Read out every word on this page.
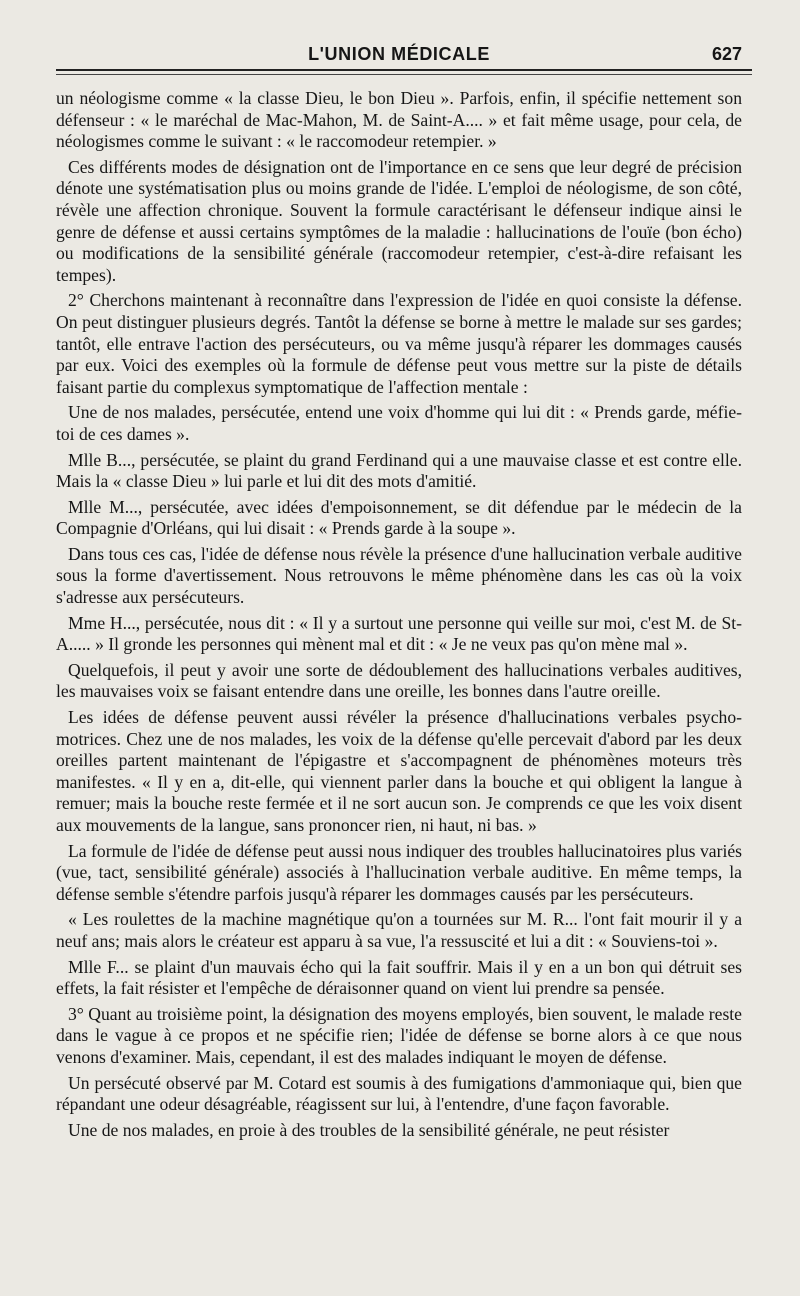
L'UNION MÉDICALE	627

un néologisme comme « la classe Dieu, le bon Dieu ». Parfois, enfin, il spécifie nettement son défenseur : « le maréchal de Mac-Mahon, M. de Saint-A.... » et fait même usage, pour cela, de néologismes comme le suivant : « le raccomodeur retempier. »

Ces différents modes de désignation ont de l'importance en ce sens que leur degré de précision dénote une systématisation plus ou moins grande de l'idée. L'emploi de néologisme, de son côté, révèle une affection chronique. Souvent la formule caractérisant le défenseur indique ainsi le genre de défense et aussi certains symptômes de la maladie : hallucinations de l'ouïe (bon écho) ou modifications de la sensibilité générale (raccomodeur retempier, c'est-à-dire refaisant les tempes).

2° Cherchons maintenant à reconnaître dans l'expression de l'idée en quoi consiste la défense. On peut distinguer plusieurs degrés. Tantôt la défense se borne à mettre le malade sur ses gardes; tantôt, elle entrave l'action des persécuteurs, ou va même jusqu'à réparer les dommages causés par eux. Voici des exemples où la formule de défense peut vous mettre sur la piste de détails faisant partie du complexus symptomatique de l'affection mentale :

Une de nos malades, persécutée, entend une voix d'homme qui lui dit : « Prends garde, méfie-toi de ces dames ».

Mlle B..., persécutée, se plaint du grand Ferdinand qui a une mauvaise classe et est contre elle. Mais la « classe Dieu » lui parle et lui dit des mots d'amitié.

Mlle M..., persécutée, avec idées d'empoisonnement, se dit défendue par le médecin de la Compagnie d'Orléans, qui lui disait : « Prends garde à la soupe ».

Dans tous ces cas, l'idée de défense nous révèle la présence d'une hallucination verbale auditive sous la forme d'avertissement. Nous retrouvons le même phénomène dans les cas où la voix s'adresse aux persécuteurs.

Mme H..., persécutée, nous dit : « Il y a surtout une personne qui veille sur moi, c'est M. de St-A..... » Il gronde les personnes qui mènent mal et dit : « Je ne veux pas qu'on mène mal ».

Quelquefois, il peut y avoir une sorte de dédoublement des hallucinations verbales auditives, les mauvaises voix se faisant entendre dans une oreille, les bonnes dans l'autre oreille.

Les idées de défense peuvent aussi révéler la présence d'hallucinations verbales psycho-motrices. Chez une de nos malades, les voix de la défense qu'elle percevait d'abord par les deux oreilles partent maintenant de l'épigastre et s'accompagnent de phénomènes moteurs très manifestes. « Il y en a, dit-elle, qui viennent parler dans la bouche et qui obligent la langue à remuer; mais la bouche reste fermée et il ne sort aucun son. Je comprends ce que les voix disent aux mouvements de la langue, sans prononcer rien, ni haut, ni bas. »

La formule de l'idée de défense peut aussi nous indiquer des troubles hallucinatoires plus variés (vue, tact, sensibilité générale) associés à l'hallucination verbale auditive. En même temps, la défense semble s'étendre parfois jusqu'à réparer les dommages causés par les persécuteurs.

« Les roulettes de la machine magnétique qu'on a tournées sur M. R... l'ont fait mourir il y a neuf ans; mais alors le créateur est apparu à sa vue, l'a ressuscité et lui a dit : « Souviens-toi ».

Mlle F... se plaint d'un mauvais écho qui la fait souffrir. Mais il y en a un bon qui détruit ses effets, la fait résister et l'empêche de déraisonner quand on vient lui prendre sa pensée.

3° Quant au troisième point, la désignation des moyens employés, bien souvent, le malade reste dans le vague à ce propos et ne spécifie rien; l'idée de défense se borne alors à ce que nous venons d'examiner. Mais, cependant, il est des malades indiquant le moyen de défense.

Un persécuté observé par M. Cotard est soumis à des fumigations d'ammoniaque qui, bien que répandant une odeur désagréable, réagissent sur lui, à l'entendre, d'une façon favorable.

Une de nos malades, en proie à des troubles de la sensibilité générale, ne peut résister
